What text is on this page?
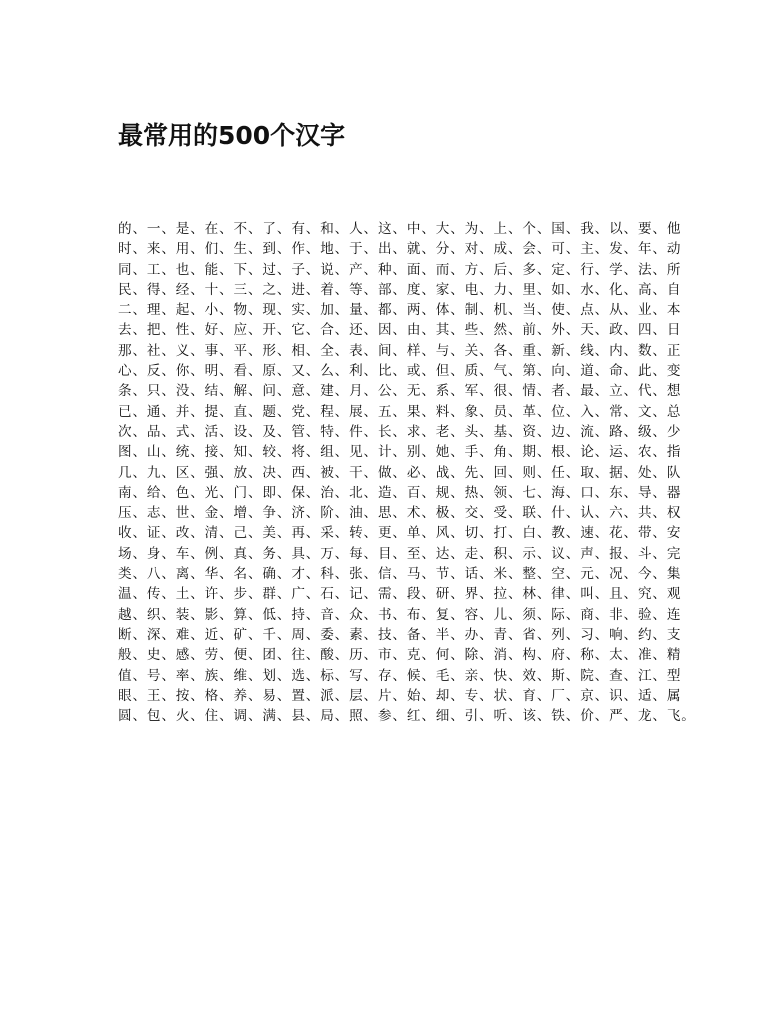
最常用的500个汉字
的、一、是、在、不、了、有、和、人、这、中、大、为、上、个、国、我、以、要、他
时、来、用、们、生、到、作、地、于、出、就、分、对、成、会、可、主、发、年、动
同、工、也、能、下、过、子、说、产、种、面、而、方、后、多、定、行、学、法、所
民、得、经、十、三、之、进、着、等、部、度、家、电、力、里、如、水、化、高、自
二、理、起、小、物、现、实、加、量、都、两、体、制、机、当、使、点、从、业、本
去、把、性、好、应、开、它、合、还、因、由、其、些、然、前、外、天、政、四、日
那、社、义、事、平、形、相、全、表、间、样、与、关、各、重、新、线、内、数、正
心、反、你、明、看、原、又、么、利、比、或、但、质、气、第、向、道、命、此、变
条、只、没、结、解、问、意、建、月、公、无、系、军、很、情、者、最、立、代、想
已、通、并、提、直、题、党、程、展、五、果、料、象、员、革、位、入、常、文、总
次、品、式、活、设、及、管、特、件、长、求、老、头、基、资、边、流、路、级、少
图、山、统、接、知、较、将、组、见、计、别、她、手、角、期、根、论、运、农、指
几、九、区、强、放、决、西、被、干、做、必、战、先、回、则、任、取、据、处、队
南、给、色、光、门、即、保、治、北、造、百、规、热、领、七、海、口、东、导、器
压、志、世、金、增、争、济、阶、油、思、术、极、交、受、联、什、认、六、共、权
收、证、改、清、己、美、再、采、转、更、单、风、切、打、白、教、速、花、带、安
场、身、车、例、真、务、具、万、每、目、至、达、走、积、示、议、声、报、斗、完
类、八、离、华、名、确、才、科、张、信、马、节、话、米、整、空、元、况、今、集
温、传、土、许、步、群、广、石、记、需、段、研、界、拉、林、律、叫、且、究、观
越、织、装、影、算、低、持、音、众、书、布、复、容、儿、须、际、商、非、验、连
断、深、难、近、矿、千、周、委、素、技、备、半、办、青、省、列、习、响、约、支
般、史、感、劳、便、团、往、酸、历、市、克、何、除、消、构、府、称、太、准、精
值、号、率、族、维、划、选、标、写、存、候、毛、亲、快、效、斯、院、查、江、型
眼、王、按、格、养、易、置、派、层、片、始、却、专、状、育、厂、京、识、适、属
圆、包、火、住、调、满、县、局、照、参、红、细、引、听、该、铁、价、严、龙、飞。
